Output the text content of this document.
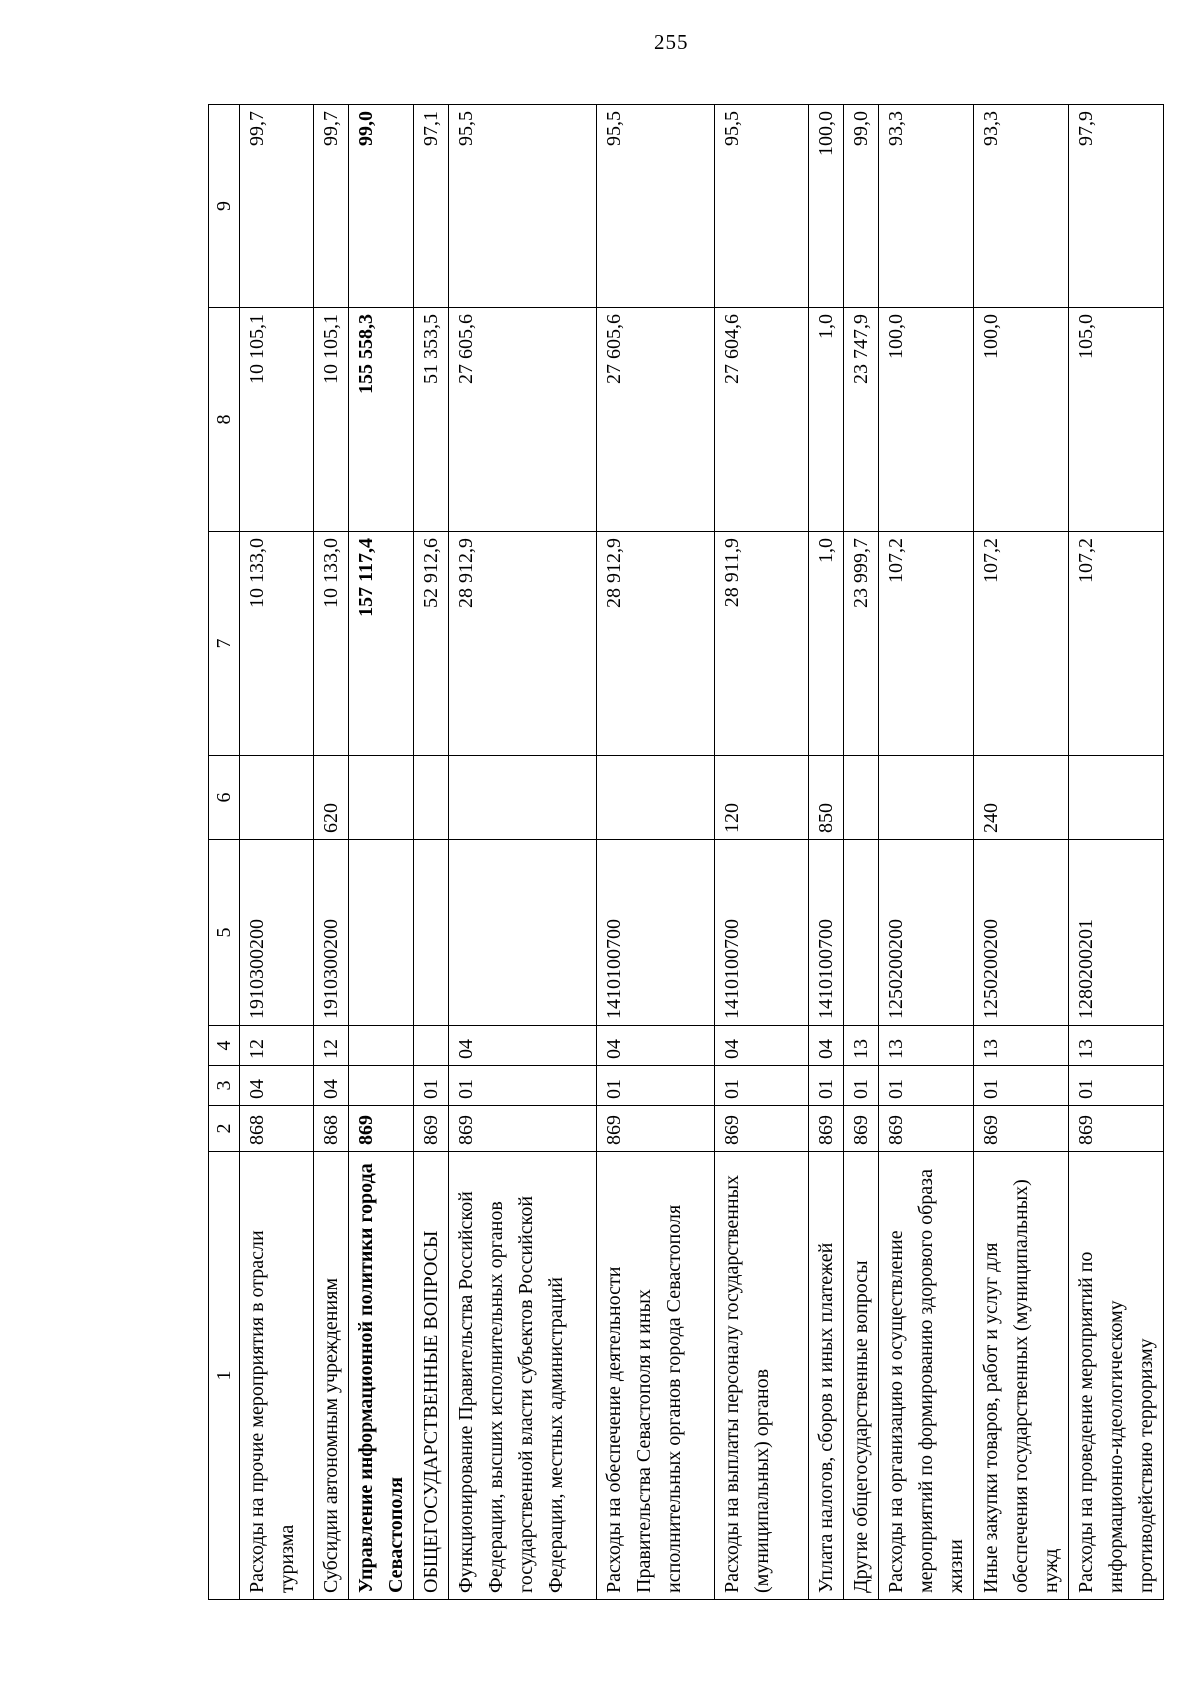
255
1	2	3	4	5	6	7	8	9
Расходы на прочие мероприятия в отрасли туризма	868	04	12	1910300200		10 133,0	10 105,1	99,7
Субсидии автономным учреждениям	868	04	12	1910300200	620	10 133,0	10 105,1	99,7
Управление информационной политики города Севастополя	869					157 117,4	155 558,3	99,0
ОБЩЕГОСУДАРСТВЕННЫЕ ВОПРОСЫ	869	01				52 912,6	51 353,5	97,1
Функционирование Правительства Российской Федерации, высших исполнительных органов государственной власти субъектов Российской Федерации, местных администраций	869	01	04			28 912,9	27 605,6	95,5
Расходы на обеспечение деятельности Правительства Севастополя и иных исполнительных органов города Севастополя	869	01	04	1410100700		28 912,9	27 605,6	95,5
Расходы на выплаты персоналу государственных (муниципальных) органов	869	01	04	1410100700	120	28 911,9	27 604,6	95,5
Уплата налогов, сборов и иных платежей	869	01	04	1410100700	850	1,0	1,0	100,0
Другие общегосударственные вопросы	869	01	13			23 999,7	23 747,9	99,0
Расходы на организацию и осуществление мероприятий по формированию здорового образа жизни	869	01	13	1250200200		107,2	100,0	93,3
Иные закупки товаров, работ и услуг для обеспечения государственных (муниципальных) нужд	869	01	13	1250200200	240	107,2	100,0	93,3
Расходы на проведение мероприятий по информационно-идеологическому противодействию терроризму	869	01	13	1280200201		107,2	105,0	97,9
